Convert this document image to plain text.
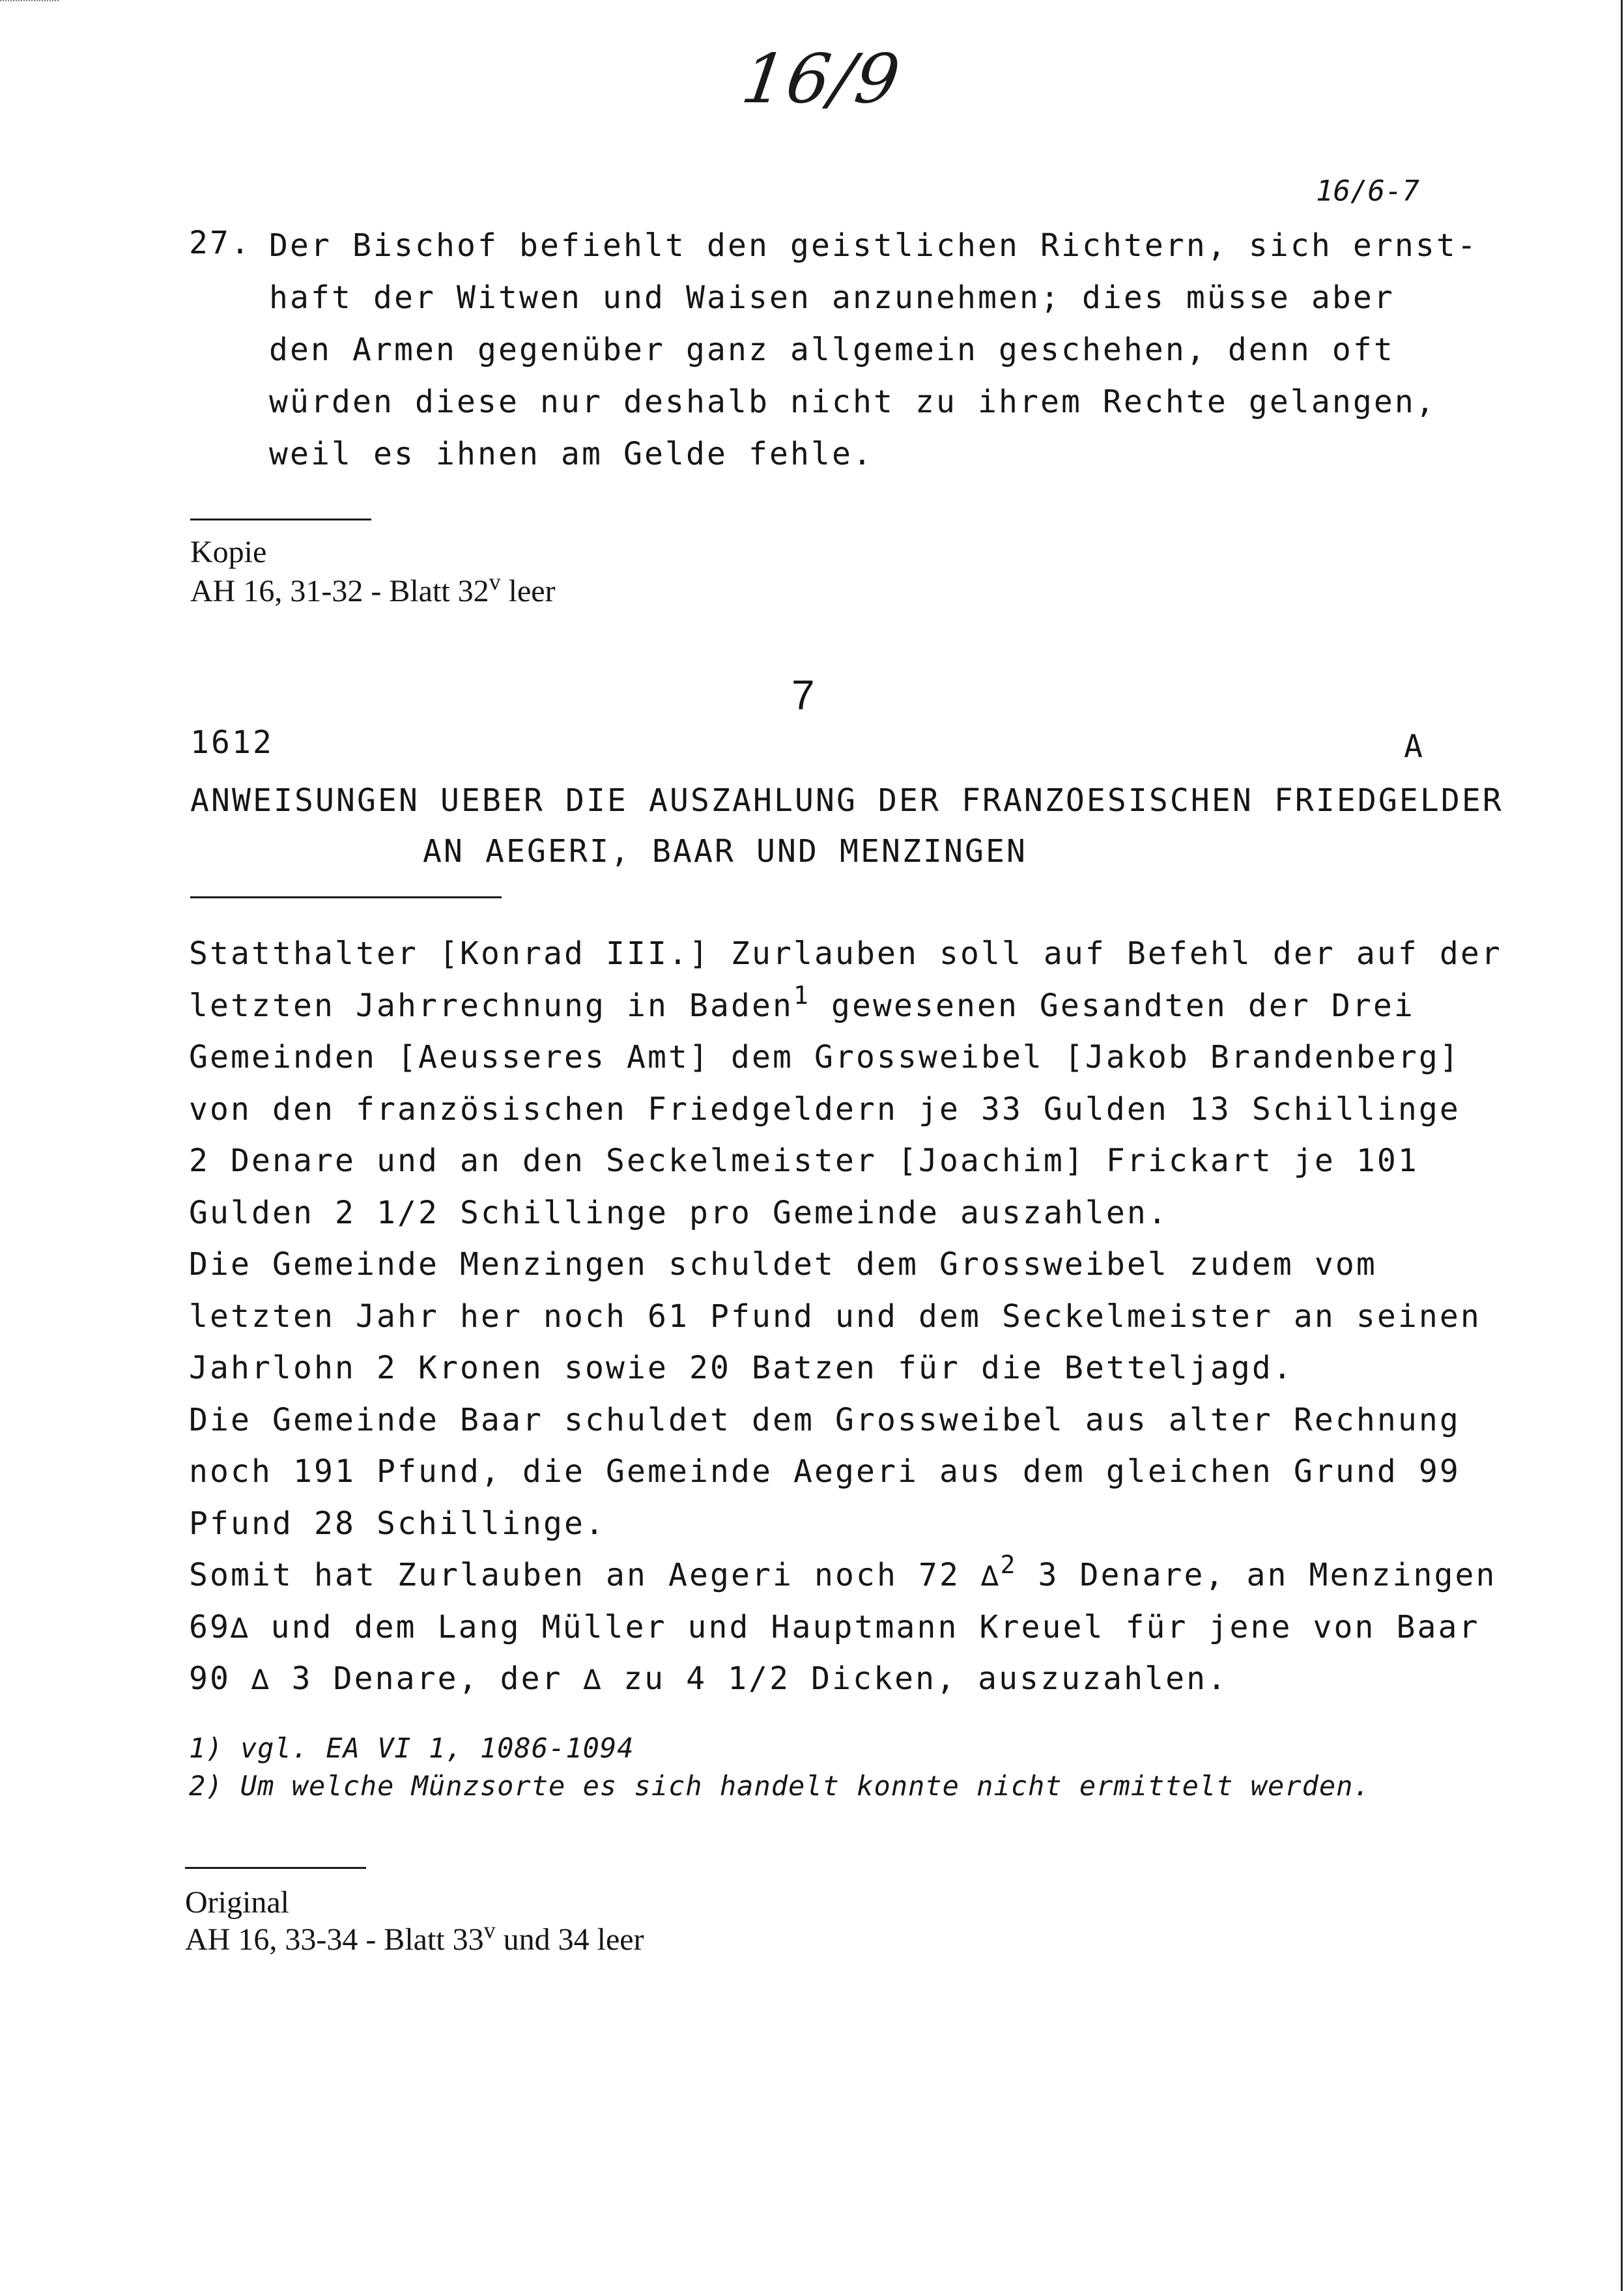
16/9
16/6-7
27. Der Bischof befiehlt den geistlichen Richtern, sich ernst-
haft der Witwen und Waisen anzunehmen; dies müsse aber
den Armen gegenüber ganz allgemein geschehen, denn oft
würden diese nur deshalb nicht zu ihrem Rechte gelangen,
weil es ihnen am Gelde fehle.
Kopie
AH 16, 31-32 - Blatt 32$^v$ leer
7
1612	A
ANWEISUNGEN UEBER DIE AUSZAHLUNG DER FRANZOESISCHEN FRIEDGELDER
AN AEGERI, BAAR UND MENZINGEN
Statthalter [Konrad III.] Zurlauben soll auf Befehl der auf der
letzten Jahrrechnung in Baden$^1$ gewesenen Gesandten der Drei
Gemeinden [Aeusseres Amt] dem Grossweibel [Jakob Brandenberg]
von den französischen Friedgeldern je 33 Gulden 13 Schillinge
2 Denare und an den Seckelmeister [Joachim] Frickart je 101
Gulden 2 1/2 Schillinge pro Gemeinde auszahlen.
Die Gemeinde Menzingen schuldet dem Grossweibel zudem vom
letzten Jahr her noch 61 Pfund und dem Seckelmeister an seinen
Jahrlohn 2 Kronen sowie 20 Batzen für die Betteljagd.
Die Gemeinde Baar schuldet dem Grossweibel aus alter Rechnung
noch 191 Pfund, die Gemeinde Aegeri aus dem gleichen Grund 99
Pfund 28 Schillinge.
Somit hat Zurlauben an Aegeri noch 72 ∆$^2$ 3 Denare, an Menzingen
69∆ und dem Lang Müller und Hauptmann Kreuel für jene von Baar
90 ∆ 3 Denare, der ∆ zu 4 1/2 Dicken, auszuzahlen.
1) vgl. EA VI 1, 1086-1094
2) Um welche Münzsorte es sich handelt konnte nicht ermittelt werden.
Original
AH 16, 33-34 - Blatt 33$^v$ und 34 leer
